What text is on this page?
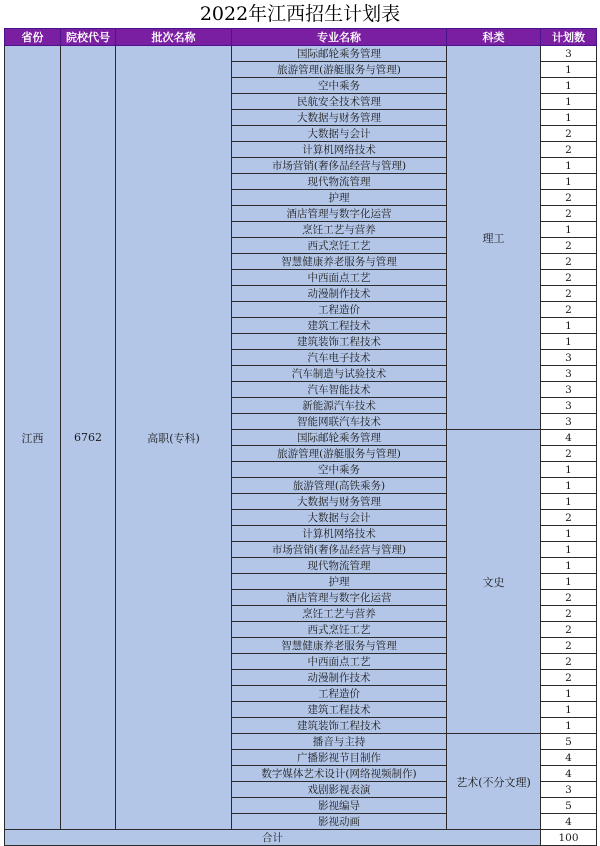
2022年江西招生计划表
省份	院校代号	批次名称	专业名称	科类	计划数
江西	6762	高职(专科)	国际邮轮乘务管理	理工	3
			旅游管理(游艇服务与管理)		1
			空中乘务		1
			民航安全技术管理		1
			大数据与财务管理		1
			大数据与会计		2
			计算机网络技术		2
			市场营销(奢侈品经营与管理)		1
			现代物流管理		1
			护理		2
			酒店管理与数字化运营		2
			烹饪工艺与营养		1
			西式烹饪工艺		2
			智慧健康养老服务与管理		2
			中西面点工艺		2
			动漫制作技术		2
			工程造价		2
			建筑工程技术		1
			建筑装饰工程技术		1
			汽车电子技术		3
			汽车制造与试验技术		3
			汽车智能技术		3
			新能源汽车技术		3
			智能网联汽车技术		3
			国际邮轮乘务管理	文史	4
			旅游管理(游艇服务与管理)		2
			空中乘务		1
			旅游管理(高铁乘务)		1
			大数据与财务管理		1
			大数据与会计		2
			计算机网络技术		1
			市场营销(奢侈品经营与管理)		1
			现代物流管理		1
			护理		1
			酒店管理与数字化运营		2
			烹饪工艺与营养		2
			西式烹饪工艺		2
			智慧健康养老服务与管理		2
			中西面点工艺		2
			动漫制作技术		2
			工程造价		1
			建筑工程技术		1
			建筑装饰工程技术		1
			播音与主持	艺术(不分文理)	5
			广播影视节目制作		4
			数字媒体艺术设计(网络视频制作)		4
			戏剧影视表演		3
			影视编导		5
			影视动画		4
合计					100
